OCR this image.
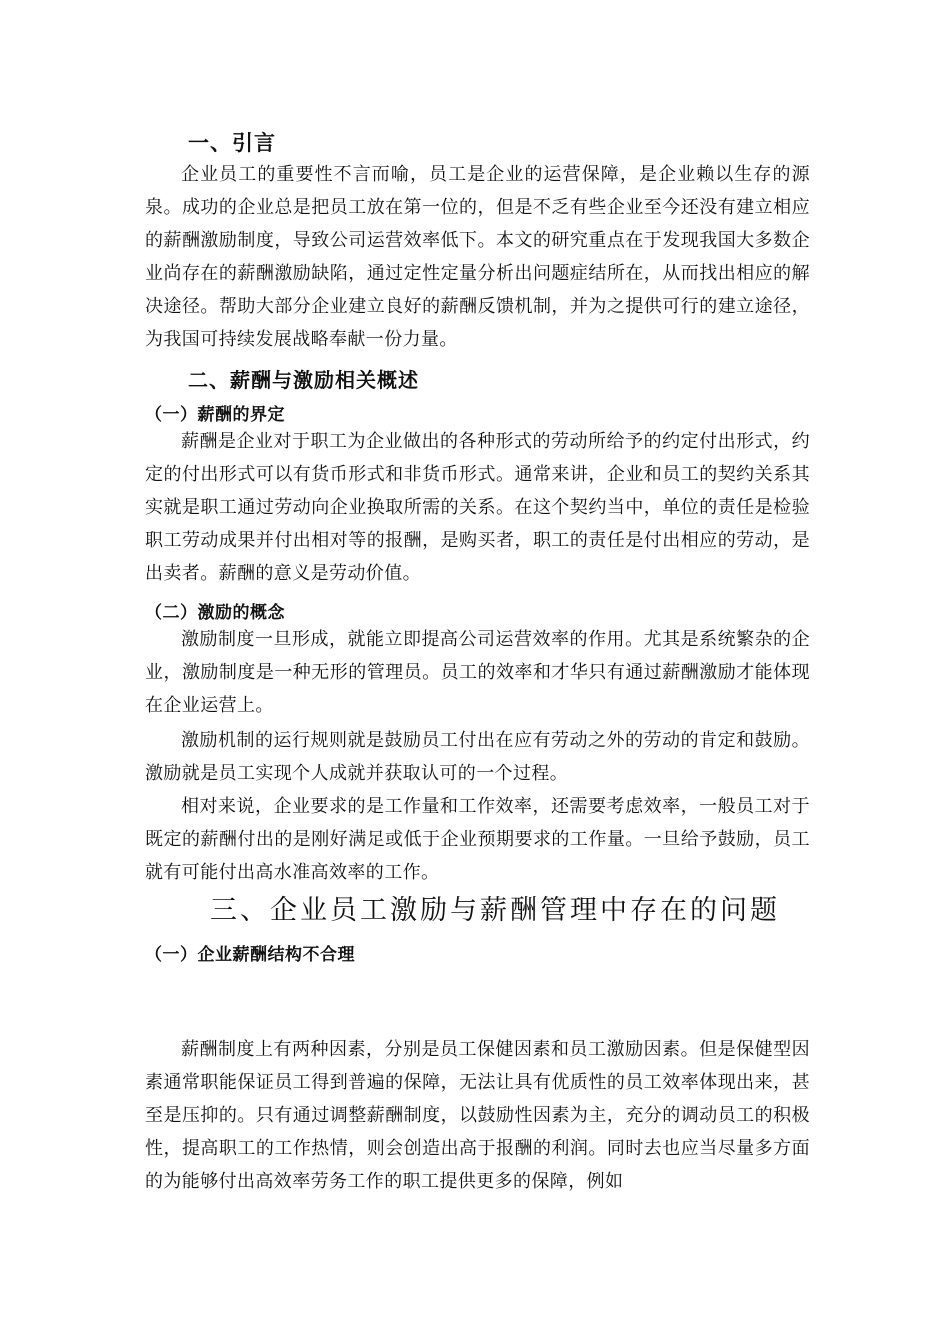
一、引言

企业员工的重要性不言而喻，员工是企业的运营保障，是企业赖以生存的源泉。成功的企业总是把员工放在第一位的，但是不乏有些企业至今还没有建立相应的薪酬激励制度，导致公司运营效率低下。本文的研究重点在于发现我国大多数企业尚存在的薪酬激励缺陷，通过定性定量分析出问题症结所在，从而找出相应的解决途径。帮助大部分企业建立良好的薪酬反馈机制，并为之提供可行的建立途径，为我国可持续发展战略奉献一份力量。

二、薪酬与激励相关概述
（一）薪酬的界定

薪酬是企业对于职工为企业做出的各种形式的劳动所给予的约定付出形式，约定的付出形式可以有货币形式和非货币形式。通常来讲，企业和员工的契约关系其实就是职工通过劳动向企业换取所需的关系。在这个契约当中，单位的责任是检验职工劳动成果并付出相对等的报酬，是购买者，职工的责任是付出相应的劳动，是出卖者。薪酬的意义是劳动价值。

（二）激励的概念

激励制度一旦形成，就能立即提高公司运营效率的作用。尤其是系统繁杂的企业，激励制度是一种无形的管理员。员工的效率和才华只有通过薪酬激励才能体现在企业运营上。

激励机制的运行规则就是鼓励员工付出在应有劳动之外的劳动的肯定和鼓励。激励就是员工实现个人成就并获取认可的一个过程。

相对来说，企业要求的是工作量和工作效率，还需要考虑效率，一般员工对于既定的薪酬付出的是刚好满足或低于企业预期要求的工作量。一旦给予鼓励，员工就有可能付出高水准高效率的工作。

三、企业员工激励与薪酬管理中存在的问题
（一）企业薪酬结构不合理

薪酬制度上有两种因素，分别是员工保健因素和员工激励因素。但是保健型因素通常职能保证员工得到普遍的保障，无法让具有优质性的员工效率体现出来，甚至是压抑的。只有通过调整薪酬制度，以鼓励性因素为主，充分的调动员工的积极性，提高职工的工作热情，则会创造出高于报酬的利润。同时去也应当尽量多方面的为能够付出高效率劳务工作的职工提供更多的保障，例如
